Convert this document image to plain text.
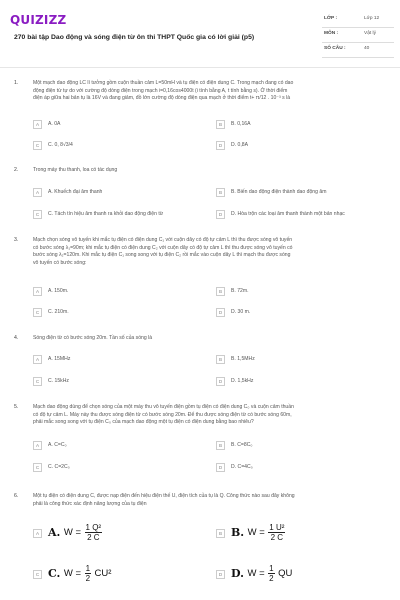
QUIZIZZ
270 bài tập Dao động và sóng điện từ ôn thi THPT Quốc gia có lời giải (p5)
LỚP :	Lớp 12
MÔN :	Vật lý
SỐ CÂU :	40
1.	Một mạch dao động LC lí tưởng gồm cuộn thuần cảm L=50mH và tụ điện có điện dung C. Trong mạch đang có dao
động điện từ tự do với cường độ dòng điện trong mạch i=0,16cos4000t (i tính bằng A, t tính bằng s). Ở thời điểm
điện áp giữa hai bản tụ là 16V và đang giảm, đồ lớn cường độ dòng điện qua mạch ở thời điểm t+ π/12 . 10⁻³ s là
A	A. 0A	B	B. 0,16A
C	C. 0, 8√3/4	D	D. 0,8A
2.	Trong máy thu thanh, loa có tác dụng
A	A. Khuếch đại âm thanh	B	B. Biến dao động điện thành dao động âm
C	C. Tách tín hiệu âm thanh ra khỏi dao động điện từ	D	D. Hòa trộn các loại âm thanh thành một bản nhạc
3.	Mạch chọn sóng vô tuyến khi mắc tụ điện có điện dung C₁ với cuộn dây có độ tự cảm L thì thu được sóng vô tuyến
có bước sóng λ₁=90m; khi mắc tụ điện có điện dung C₂ với cuộn dây có độ tự cảm L thì thu được sóng vô tuyến có
bước sóng λ₂=120m. Khi mắc tụ điện C₁ song song với tụ điện C₂ rồi mắc vào cuộn dây L thì mạch thu được sóng
vô tuyến có bước sóng:
A	A. 150m.	B	B. 72m.
C	C. 210m.	D	D. 30 m.
4.	Sóng điện từ có bước sóng 20m. Tần số của sóng là
A	A. 15MHz	B	B. 1,5MHz
C	C. 15kHz	D	D. 1,5kHz
5.	Mạch dao động dùng để chọn sóng của một máy thu vô tuyến điện gồm tụ điện có điện dung C₀ và cuộn cảm thuần
có độ tự cảm L. Máy này thu được sóng điện từ có bước sóng 20m. Để thu được sóng điện từ có bước sóng 60m,
phải mắc song song với tụ điện C₀ của mạch dao động một tụ điện có điện dung bằng bao nhiêu?
A	A. C=C₀	B	B. C=8C₀
C	C. C=2C₀	D	D. C=4C₀
6.	Một tụ điện có điện dung C, được nạp điện đến hiệu điện thế U, điện tích của tụ là Q. Công thức nào sau đây không
phải là công thức xác định năng lượng của tụ điện
A A. $W = \frac{\text{1 Q²}}{2 C}$	B B. $W = \frac{\text{1 U²}}{2 C}$
C C. $W = \frac{1}{2} CU^2$	D D. $W = \frac{1}{2}$ QU
